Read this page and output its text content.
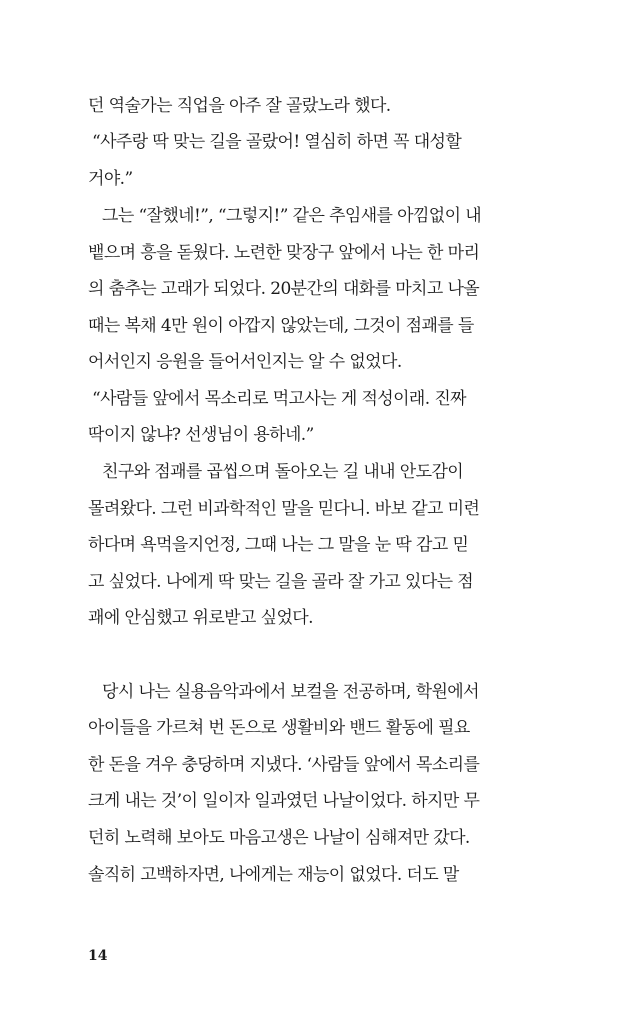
던 역술가는 직업을 아주 잘 골랐노라 했다.
“사주랑 딱 맞는 길을 골랐어! 열심히 하면 꼭 대성할
거야.”
그는 “잘했네!”, “그렇지!” 같은 추임새를 아낌없이 내
뱉으며 흥을 돋웠다. 노련한 맞장구 앞에서 나는 한 마리
의 춤추는 고래가 되었다. 20분간의 대화를 마치고 나올
때는 복채 4만 원이 아깝지 않았는데, 그것이 점괘를 들
어서인지 응원을 들어서인지는 알 수 없었다.
“사람들 앞에서 목소리로 먹고사는 게 적성이래. 진짜
딱이지 않냐? 선생님이 용하네.”
친구와 점괘를 곱씹으며 돌아오는 길 내내 안도감이
몰려왔다. 그런 비과학적인 말을 믿다니. 바보 같고 미련
하다며 욕먹을지언정, 그때 나는 그 말을 눈 딱 감고 믿
고 싶었다. 나에게 딱 맞는 길을 골라 잘 가고 있다는 점
괘에 안심했고 위로받고 싶었다.
당시 나는 실용음악과에서 보컬을 전공하며, 학원에서
아이들을 가르쳐 번 돈으로 생활비와 밴드 활동에 필요
한 돈을 겨우 충당하며 지냈다. ‘사람들 앞에서 목소리를
크게 내는 것’이 일이자 일과였던 나날이었다. 하지만 무
던히 노력해 보아도 마음고생은 나날이 심해져만 갔다.
솔직히 고백하자면, 나에게는 재능이 없었다. 더도 말
14
